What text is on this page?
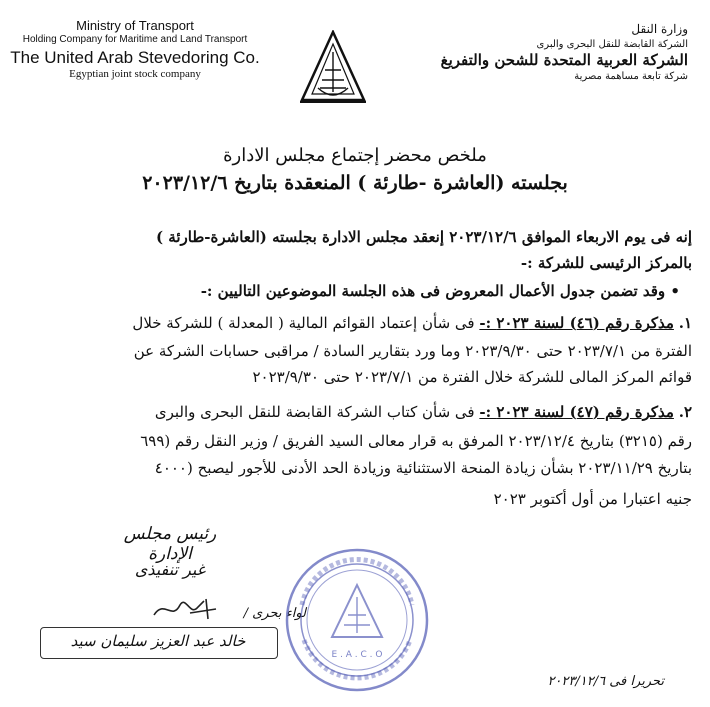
Ministry of Transport
Holding Company for Maritime and Land Transport
The United Arab Stevedoring Co.
Egyptian joint stock company
وزارة النقل
الشركة القابضة للنقل البحرى والبرى
الشركة العربية المتحدة للشحن والتفريغ
شركة تابعة مساهمة مصرية
ملخص محضر إجتماع مجلس الادارة
بجلسته (العاشرة -طارئة ) المنعقدة بتاريخ ٢٠٢٣/١٢/٦
إنه فى يوم الاربعاء الموافق ٢٠٢٣/١٢/٦ إنعقد مجلس الادارة بجلسته (العاشرة-طارئة )
بالمركز الرئيسى للشركة :-
• وقد تضمن جدول الأعمال المعروض فى هذه الجلسة الموضوعين التاليين :-
١. مذكرة رقم (٤٦) لسنة ٢٠٢٣ :- فى شأن إعتماد القوائم المالية ( المعدلة ) للشركة خلال
الفترة من ٢٠٢٣/٧/١ حتى ٢٠٢٣/٩/٣٠ وما ورد بتقارير السادة / مراقبى حسابات الشركة عن
قوائم المركز المالى للشركة خلال الفترة من ٢٠٢٣/٧/١ حتى ٢٠٢٣/٩/٣٠
٢. مذكرة رقم (٤٧) لسنة ٢٠٢٣ :- فى شأن كتاب الشركة القابضة للنقل البحرى والبرى
رقم (٣٢١٥) بتاريخ ٢٠٢٣/١٢/٤ المرفق به قرار معالى السيد الفريق / وزير النقل رقم (٦٩٩
بتاريخ ٢٠٢٣/١١/٢٩ بشأن زيادة المنحة الاستثنائية وزيادة الحد الأدنى للأجور ليصبح (٤٠٠٠
جنيه اعتبارا من أول أكتوبر ٢٠٢٣
رئيس مجلس الإدارة
غير تنفيذى
لواء بحرى /
خالد عبد العزيز سليمان سيد
E . A . C . O
تحريرا فى ٢٠٢٣/١٢/٦
